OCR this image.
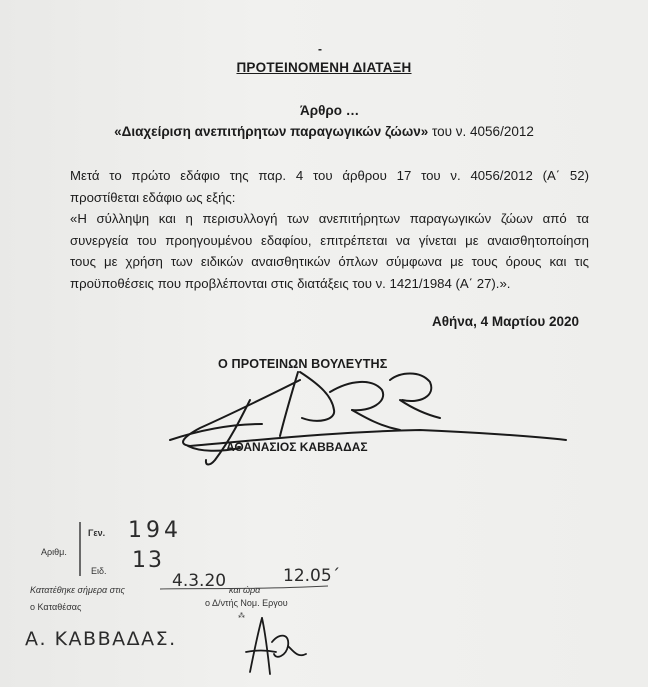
-
ΠΡΟΤΕΙΝΟΜΕΝΗ ΔΙΑΤΑΞΗ
Άρθρο …
«Διαχείριση ανεπιτήρητων παραγωγικών ζώων» του ν. 4056/2012
Μετά το πρώτο εδάφιο της παρ. 4 του άρθρου 17 του ν. 4056/2012 (Α΄ 52)
προστίθεται εδάφιο ως εξής:
«Η σύλληψη και η περισυλλογή των ανεπιτήρητων παραγωγικών ζώων από τα
συνεργεία του προηγουμένου εδαφίου, επιτρέπεται να γίνεται με αναισθητοποίηση
τους με χρήση των ειδικών αναισθητικών όπλων σύμφωνα με τους όρους και τις
προϋποθέσεις που προβλέπονται στις διατάξεις του ν. 1421/1984 (Α΄ 27).».
Αθήνα, 4 Μαρτίου 2020
Ο ΠΡΟΤΕΙΝΩΝ ΒΟΥΛΕΥΤΗΣ
ΑΘΑΝΑΣΙΟΣ ΚΑΒΒΑΔΑΣ
Αριθμ.
Γεν. 194
Ειδ. 13
Κατατέθηκε σήμερα στις	4.3.20 και ώρα
12.05΄
ο Καταθέσας	ο Δ/ντής Νομ. Εργου
⁂
Α. ΚΑΒΒΑΔΑΣ.
